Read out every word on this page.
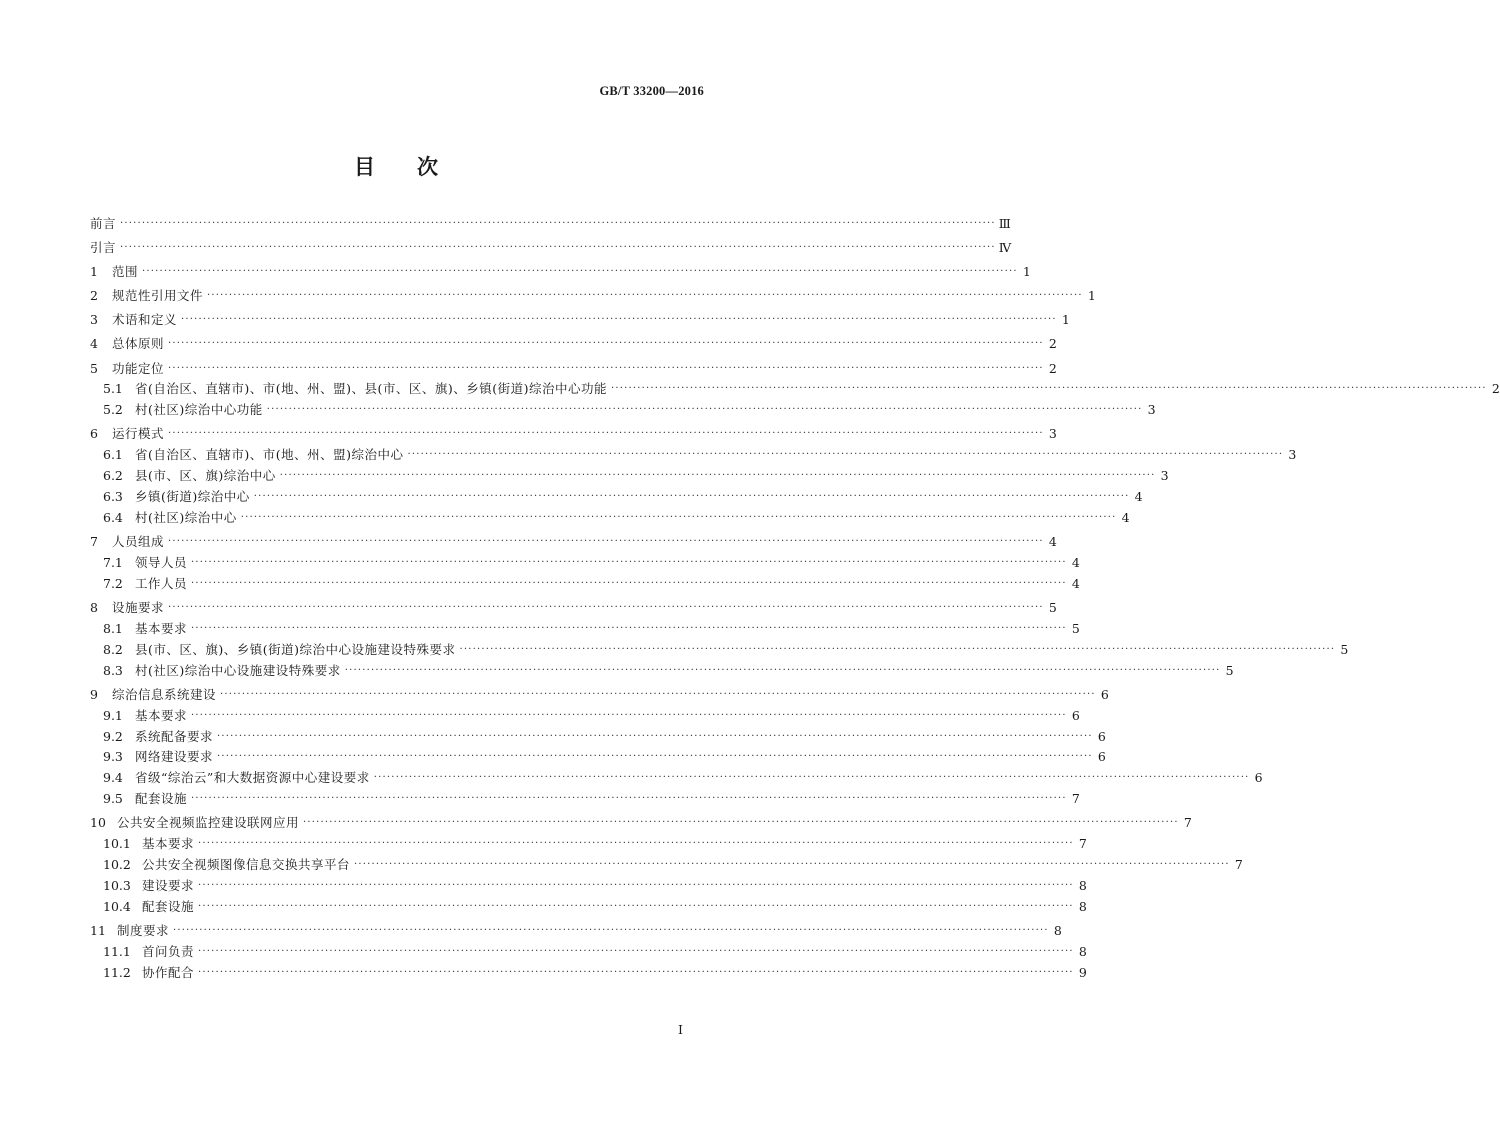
GB/T 33200—2016
目 次
前言 ········································································································································································································ Ⅲ
引言 ········································································································································································································ Ⅳ
1	范围 ········································································································································································································ 1
2	规范性引用文件 ········································································································································································································ 1
3	术语和定义 ········································································································································································································ 1
4	总体原则 ········································································································································································································ 2
5	功能定位 ········································································································································································································ 2
5.1 省(自治区、直辖市)、市(地、州、盟)、县(市、区、旗)、乡镇(街道)综治中心功能 ········································································································································································································ 2
5.2 村(社区)综治中心功能 ········································································································································································································ 3
6	运行模式 ········································································································································································································ 3
6.1 省(自治区、直辖市)、市(地、州、盟)综治中心 ········································································································································································································ 3
6.2 县(市、区、旗)综治中心 ········································································································································································································ 3
6.3 乡镇(街道)综治中心 ········································································································································································································ 4
6.4 村(社区)综治中心 ········································································································································································································ 4
7	人员组成 ········································································································································································································ 4
7.1 领导人员 ········································································································································································································ 4
7.2 工作人员 ········································································································································································································ 4
8	设施要求 ········································································································································································································ 5
8.1 基本要求 ········································································································································································································ 5
8.2 县(市、区、旗)、乡镇(街道)综治中心设施建设特殊要求 ········································································································································································································ 5
8.3 村(社区)综治中心设施建设特殊要求 ········································································································································································································ 5
9	综治信息系统建设 ········································································································································································································ 6
9.1 基本要求 ········································································································································································································ 6
9.2 系统配备要求 ········································································································································································································ 6
9.3 网络建设要求 ········································································································································································································ 6
9.4 省级“综治云”和大数据资源中心建设要求 ········································································································································································································ 6
9.5 配套设施 ········································································································································································································ 7
10 公共安全视频监控建设联网应用 ········································································································································································································ 7
10.1 基本要求 ········································································································································································································ 7
10.2 公共安全视频图像信息交换共享平台 ········································································································································································································ 7
10.3 建设要求 ········································································································································································································ 8
10.4 配套设施 ········································································································································································································ 8
11 制度要求 ········································································································································································································ 8
11.1 首问负责 ········································································································································································································ 8
11.2 协作配合 ········································································································································································································ 9
Ⅰ
